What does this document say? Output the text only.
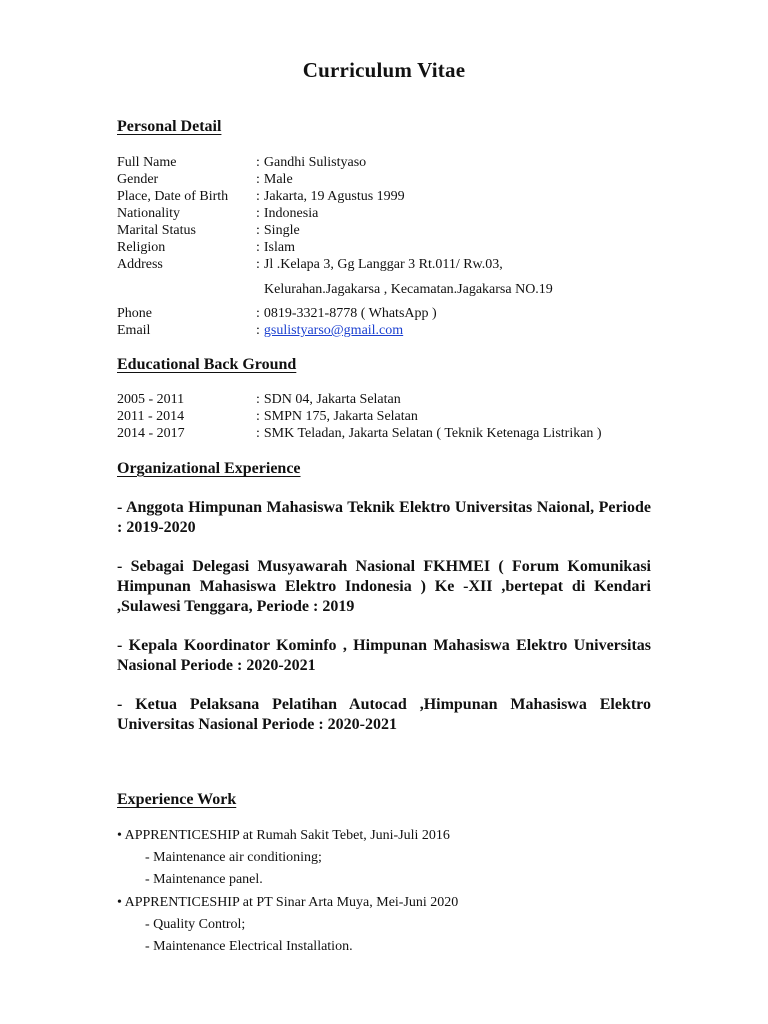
Curriculum Vitae
Personal Detail
Full Name	: Gandhi Sulistyaso
Gender	: Male
Place, Date of Birth : Jakarta, 19 Agustus 1999
Nationality	: Indonesia
Marital Status	: Single
Religion	: Islam
Address	: Jl .Kelapa 3, Gg Langgar 3 Rt.011/ Rw.03,
Kelurahan.Jagakarsa , Kecamatan.Jagakarsa NO.19
Phone	: 0819-3321-8778 ( WhatsApp )
Email	: gsulistyarso@gmail.com
Educational Back Ground
2005 - 2011	: SDN 04, Jakarta Selatan
2011 - 2014	: SMPN 175, Jakarta Selatan
2014 - 2017	: SMK Teladan, Jakarta Selatan ( Teknik Ketenaga Listrikan )
Organizational Experience
- Anggota Himpunan Mahasiswa Teknik Elektro Universitas Naional, Periode : 2019-2020
- Sebagai Delegasi Musyawarah Nasional FKHMEI ( Forum Komunikasi Himpunan Mahasiswa Elektro Indonesia ) Ke -XII ,bertepat di Kendari ,Sulawesi Tenggara, Periode : 2019
- Kepala Koordinator Kominfo , Himpunan Mahasiswa Elektro Universitas Nasional Periode : 2020-2021
- Ketua Pelaksana Pelatihan Autocad ,Himpunan Mahasiswa Elektro Universitas Nasional Periode : 2020-2021
Experience Work
• APPRENTICESHIP at Rumah Sakit Tebet, Juni-Juli 2016
- Maintenance air conditioning;
- Maintenance panel.
• APPRENTICESHIP at PT Sinar Arta Muya, Mei-Juni 2020
- Quality Control;
- Maintenance Electrical Installation.
